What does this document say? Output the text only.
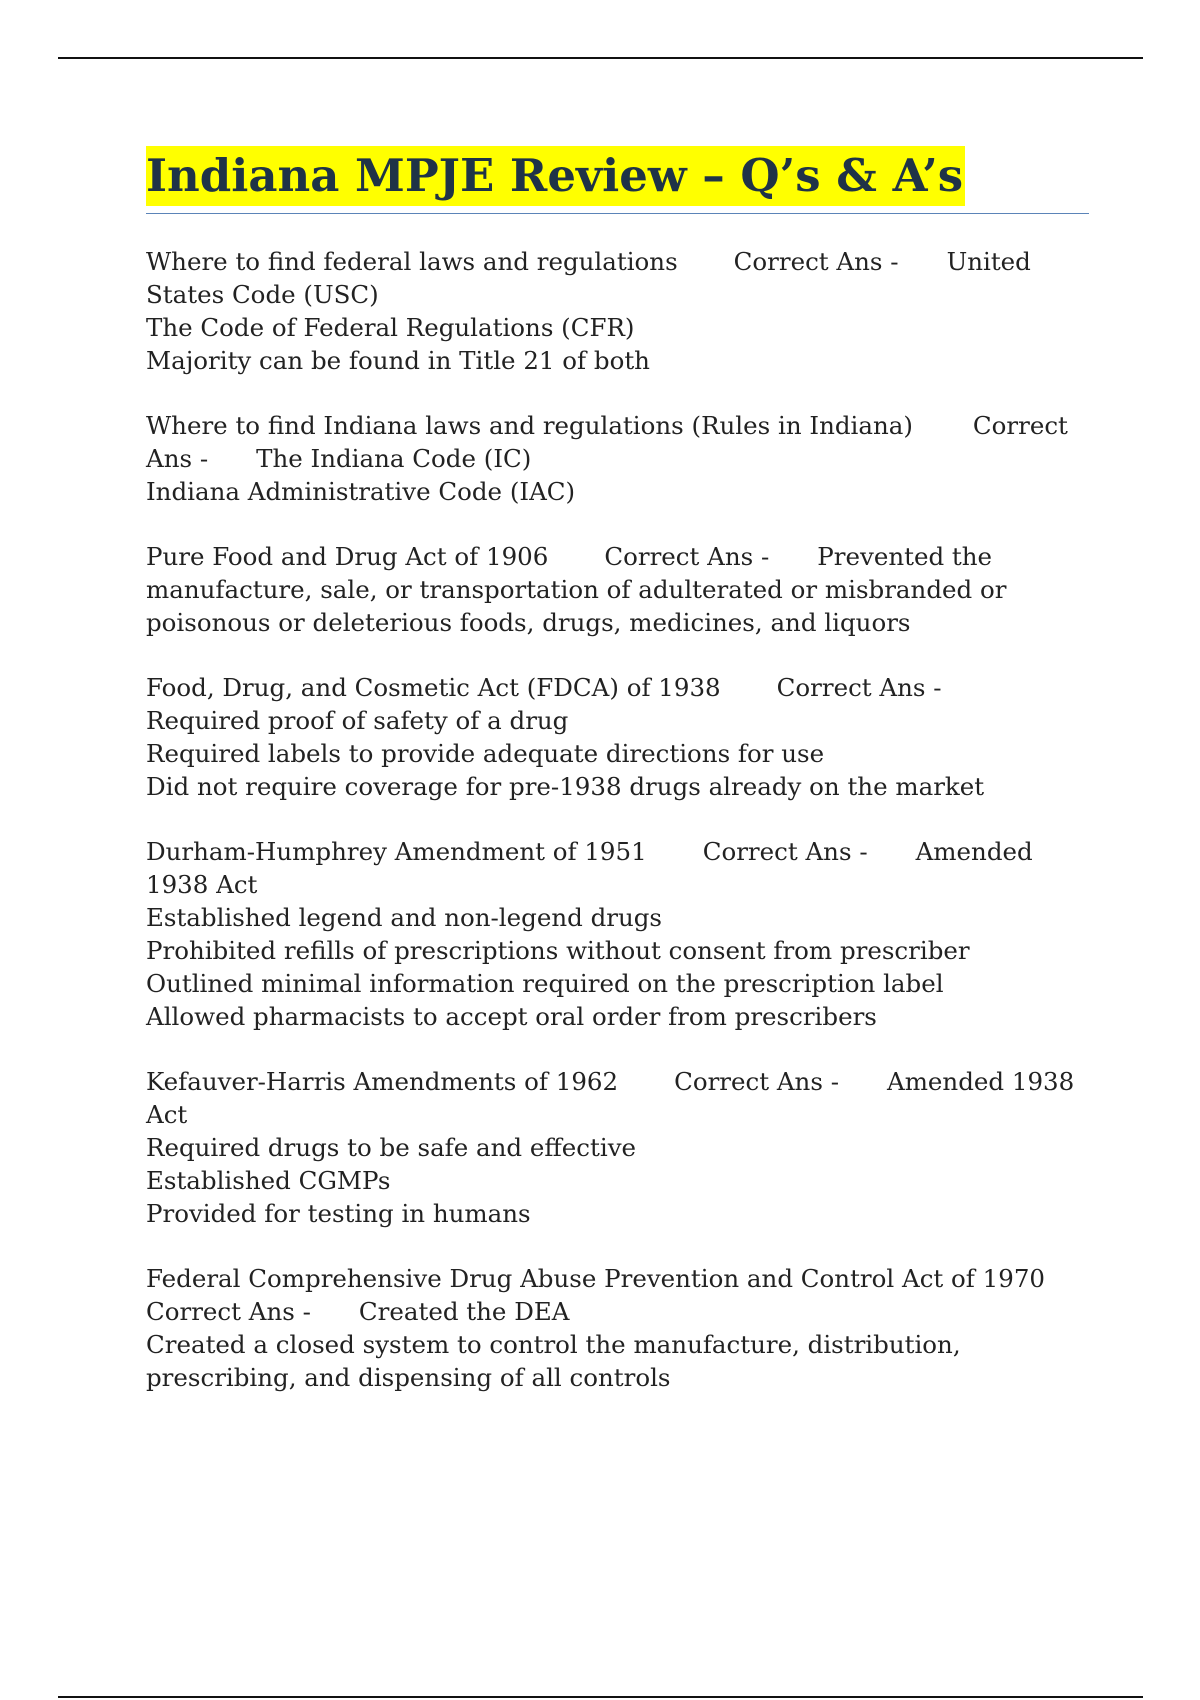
Indiana MPJE Review – Q’s & A’s
Where to find federal laws and regulations Correct Ans - United
States Code (USC)
The Code of Federal Regulations (CFR)
Majority can be found in Title 21 of both
Where to find Indiana laws and regulations (Rules in Indiana) Correct
Ans - The Indiana Code (IC)
Indiana Administrative Code (IAC)
Pure Food and Drug Act of 1906 Correct Ans - Prevented the
manufacture, sale, or transportation of adulterated or misbranded or
poisonous or deleterious foods, drugs, medicines, and liquors
Food, Drug, and Cosmetic Act (FDCA) of 1938 Correct Ans -
Required proof of safety of a drug
Required labels to provide adequate directions for use
Did not require coverage for pre-1938 drugs already on the market
Durham-Humphrey Amendment of 1951 Correct Ans - Amended
1938 Act
Established legend and non-legend drugs
Prohibited refills of prescriptions without consent from prescriber
Outlined minimal information required on the prescription label
Allowed pharmacists to accept oral order from prescribers
Kefauver-Harris Amendments of 1962 Correct Ans - Amended 1938
Act
Required drugs to be safe and effective
Established CGMPs
Provided for testing in humans
Federal Comprehensive Drug Abuse Prevention and Control Act of 1970
Correct Ans - Created the DEA
Created a closed system to control the manufacture, distribution,
prescribing, and dispensing of all controls
